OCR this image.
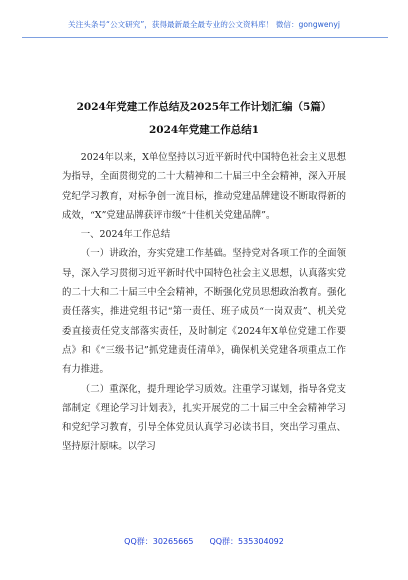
关注头条号“公文研究”，获得最新最全最专业的公文资料库！ 微信：gongwenyj
2024年党建工作总结及2025年工作计划汇编（5篇）
2024年党建工作总结1

2024年以来，X单位坚持以习近平新时代中国特色社会主义思想为指导，全面贯彻党的二十大精神和二十届三中全会精神，深入开展党纪学习教育，对标争创一流目标，推动党建品牌建设不断取得新的成效，“X”党建品牌获评市级“十佳机关党建品牌”。

一、2024年工作总结

（一）讲政治，夯实党建工作基础。坚持党对各项工作的全面领导，深入学习贯彻习近平新时代中国特色社会主义思想，认真落实党的二十大和二十届三中全会精神，不断强化党员思想政治教育。强化责任落实，推进党组书记“第一责任、班子成员“一岗双责”、机关党委直接责任党支部落实责任，及时制定《2024年X单位党建工作要点》和《“三级书记”抓党建责任清单》，确保机关党建各项重点工作有力推进。

（二）重深化，提升理论学习质效。注重学习谋划，指导各党支部制定《理论学习计划表》，扎实开展党的二十届三中全会精神学习和党纪学习教育，引导全体党员认真学习必读书目，突出学习重点、坚持原汁原味。以学习

QQ群：30265665 QQ群：535304092
